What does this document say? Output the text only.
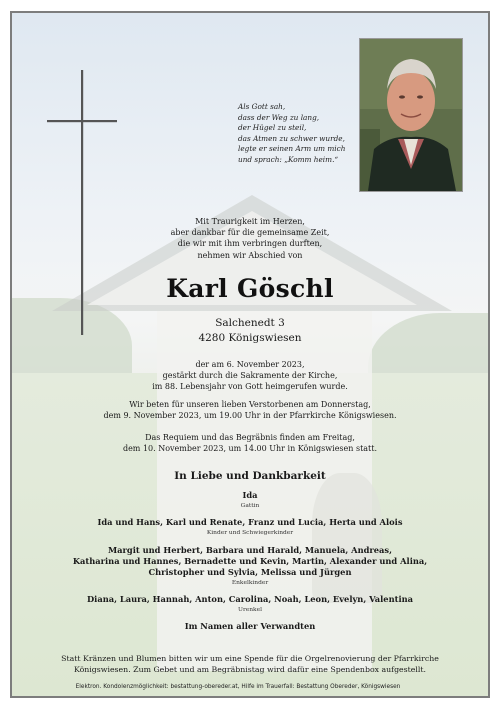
Als Gott sah,
dass der Weg zu lang,
der Hügel zu steil,
das Atmen zu schwer wurde,
legte er seinen Arm um mich
und sprach: „Komm heim.“
Mit Traurigkeit im Herzen,
aber dankbar für die gemeinsame Zeit,
die wir mit ihm verbringen durften,
nehmen wir Abschied von
Karl Göschl
Salchenedt 3
4280 Königswiesen
der am 6. November 2023,
gestärkt durch die Sakramente der Kirche,
im 88. Lebensjahr von Gott heimgerufen wurde.
Wir beten für unseren lieben Verstorbenen am Donnerstag,
dem 9. November 2023, um 19.00 Uhr in der Pfarrkirche Königswiesen.
Das Requiem und das Begräbnis finden am Freitag,
dem 10. November 2023, um 14.00 Uhr in Königswiesen statt.
In Liebe und Dankbarkeit
Ida
Gattin
Ida und Hans, Karl und Renate, Franz und Lucia, Herta und Alois
Kinder und Schwiegerkinder
Margit und Herbert, Barbara und Harald, Manuela, Andreas,
Katharina und Hannes, Bernadette und Kevin, Martin, Alexander und Alina,
Christopher und Sylvia, Melissa und Jürgen
Enkelkinder
Diana, Laura, Hannah, Anton, Carolina, Noah, Leon, Evelyn, Valentina
Urenkel
Im Namen aller Verwandten
Statt Kränzen und Blumen bitten wir um eine Spende für die Orgelrenovierung der Pfarrkirche
Königswiesen. Zum Gebet und am Begräbnistag wird dafür eine Spendenbox aufgestellt.
Elektron. Kondolenzmöglichkeit: bestattung-obereder.at, Hilfe im Trauerfall: Bestattung Obereder, Königswiesen
